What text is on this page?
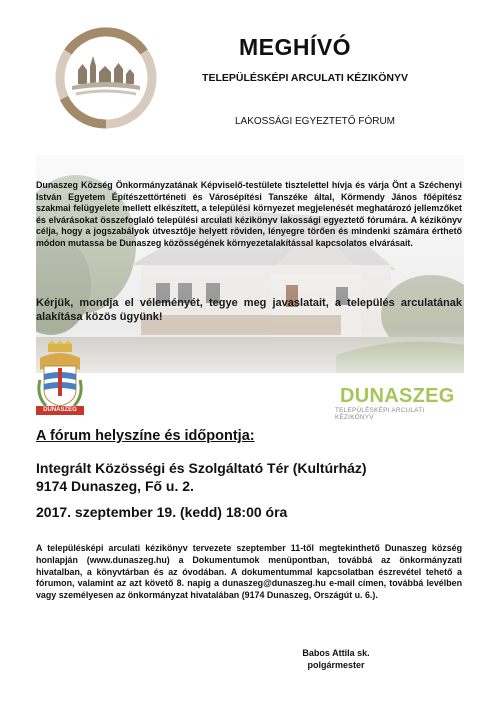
MEGHÍVÓ
TELEPÜLÉSKÉPI ARCULATI KÉZIKÖNYV
LAKOSSÁGI EGYEZTETŐ FÓRUM
Dunaszeg Község Önkormányzatának Képviselő-testülete tisztelettel hívja és várja Önt a Széchenyi István Egyetem Építészettörténeti és Városépítési Tanszéke által, Körmendy János főépítész szakmai felügyelete mellett elkészített, a települési környezet megjelenését meghatározó jellemzőket és elvárásokat összefoglaló települési arculati kézikönyv lakossági egyeztető fórumára. A kézikönyv célja, hogy a jogszabályok útvesztője helyett röviden, lényegre törően és mindenki számára érthető módon mutassa be Dunaszeg közösségének környezetalakítással kapcsolatos elvárásait.
Kérjük, mondja el véleményét, tegye meg javaslatait, a település arculatának alakítása közös ügyünk!
DUNASZEG
DUNASZEG
TELEPÜLÉSKÉPI ARCULATI KÉZIKÖNYV
A fórum helyszíne és időpontja:
Integrált Közösségi és Szolgáltató Tér (Kultúrház)
9174 Dunaszeg, Fő u. 2.
2017. szeptember 19. (kedd) 18:00 óra
A településképi arculati kézikönyv tervezete szeptember 11-től megtekinthető Dunaszeg község honlapján (www.dunaszeg.hu) a Dokumentumok menüpontban, továbbá az önkormányzati hivatalban, a könyvtárban és az óvodában. A dokumentummal kapcsolatban észrevétel tehető a fórumon, valamint az azt követő 8. napig a dunaszeg@dunaszeg.hu e-mail címen, továbbá levélben vagy személyesen az önkormányzat hivatalában (9174 Dunaszeg, Országút u. 6.).
Babos Attila sk.
polgármester
